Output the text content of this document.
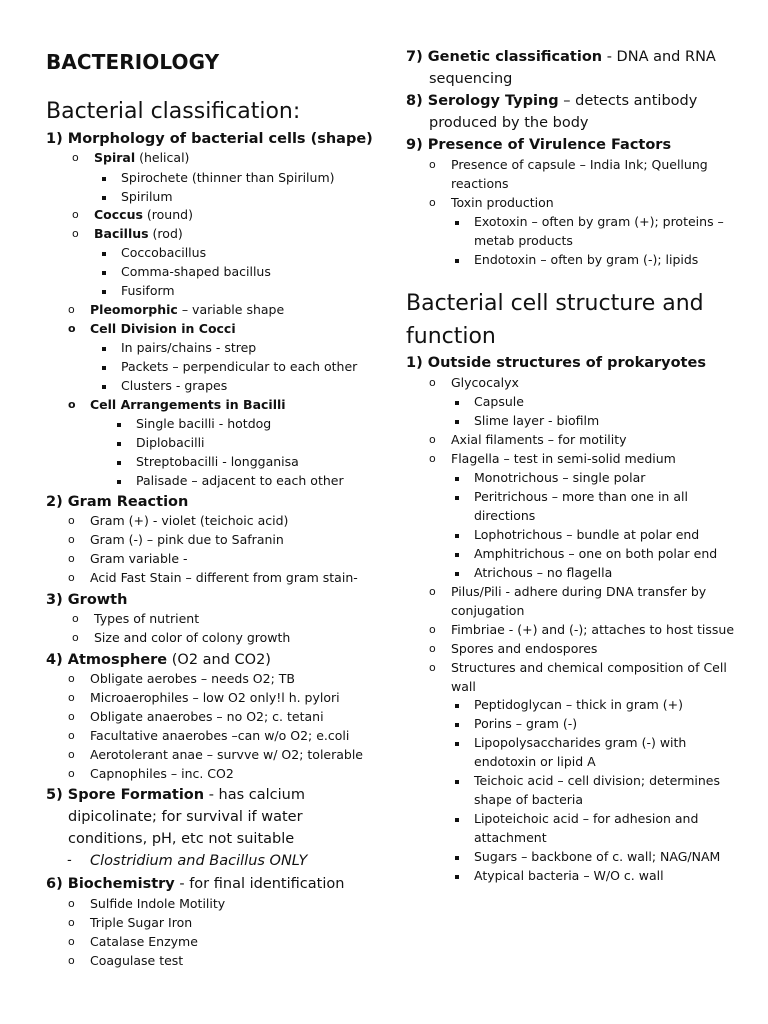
BACTERIOLOGY
Bacterial classification:
1) Morphology of bacterial cells (shape)
o Spiral (helical)
Spirochete (thinner than Spirilum)
Spirilum
o Coccus (round)
o Bacillus (rod)
Coccobacillus
Comma-shaped bacillus
Fusiform
o Pleomorphic – variable shape
o Cell Division in Cocci
In pairs/chains - strep
Packets – perpendicular to each other
Clusters - grapes
o Cell Arrangements in Bacilli
Single bacilli - hotdog
Diplobacilli
Streptobacilli - longganisa
Palisade – adjacent to each other
2) Gram Reaction
o Gram (+) - violet (teichoic acid)
o Gram (-) – pink due to Safranin
o Gram variable -
o Acid Fast Stain – different from gram stain-
3) Growth
o Types of nutrient
o Size and color of colony growth
4) Atmosphere (O2 and CO2)
o Obligate aerobes – needs O2; TB
o Microaerophiles – low O2 only!l h. pylori
o Obligate anaerobes – no O2; c. tetani
o Facultative anaerobes –can w/o O2; e.coli
o Aerotolerant anae – survve w/ O2; tolerable
o Capnophiles – inc. CO2
5) Spore Formation - has calcium
dipicolinate; for survival if water
conditions, pH, etc not suitable
- Clostridium and Bacillus ONLY
6) Biochemistry - for final identification
o Sulfide Indole Motility
o Triple Sugar Iron
o Catalase Enzyme
o Coagulase test
7) Genetic classification - DNA and RNA
sequencing
8) Serology Typing – detects antibody
produced by the body
9) Presence of Virulence Factors
o Presence of capsule – India Ink; Quellung
reactions
o Toxin production
Exotoxin – often by gram (+); proteins –
metab products
Endotoxin – often by gram (-); lipids
Bacterial cell structure and
function
1) Outside structures of prokaryotes
o Glycocalyx
Capsule
Slime layer - biofilm
o Axial filaments – for motility
o Flagella – test in semi-solid medium
Monotrichous – single polar
Peritrichous – more than one in all
directions
Lophotrichous – bundle at polar end
Amphitrichous – one on both polar end
Atrichous – no flagella
o Pilus/Pili - adhere during DNA transfer by
conjugation
o Fimbriae - (+) and (-); attaches to host tissue
o Spores and endospores
o Structures and chemical composition of Cell
wall
Peptidoglycan – thick in gram (+)
Porins – gram (-)
Lipopolysaccharides gram (-) with
endotoxin or lipid A
Teichoic acid – cell division; determines
shape of bacteria
Lipoteichoic acid – for adhesion and
attachment
Sugars – backbone of c. wall; NAG/NAM
Atypical bacteria – W/O c. wall
